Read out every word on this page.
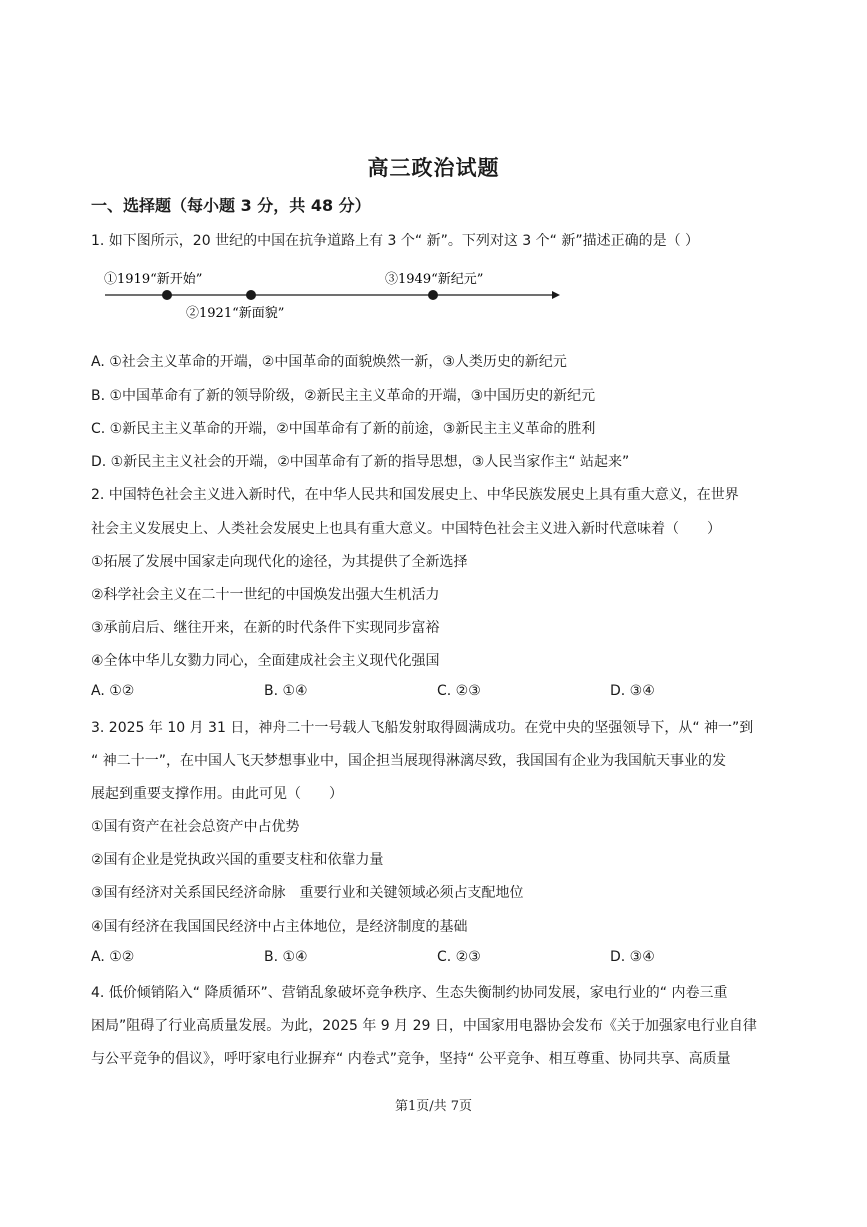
高三政治试题
一、选择题（每小题 3 分，共 48 分）
1. 如下图所示，20 世纪的中国在抗争道路上有 3 个“ 新”。下列对这 3 个“ 新”描述正确的是（ ）
①1919“新开始”
②1921“新面貌”
③1949“新纪元”
A. ①社会主义革命的开端，②中国革命的面貌焕然一新，③人类历史的新纪元
B. ①中国革命有了新的领导阶级，②新民主主义革命的开端，③中国历史的新纪元
C. ①新民主主义革命的开端，②中国革命有了新的前途，③新民主主义革命的胜利
D. ①新民主主义社会的开端，②中国革命有了新的指导思想，③人民当家作主“ 站起来”
2. 中国特色社会主义进入新时代，在中华人民共和国发展史上、中华民族发展史上具有重大意义，在世界
社会主义发展史上、人类社会发展史上也具有重大意义。中国特色社会主义进入新时代意味着（　　）
①拓展了发展中国家走向现代化的途径，为其提供了全新选择
②科学社会主义在二十一世纪的中国焕发出强大生机活力
③承前启后、继往开来，在新的时代条件下实现同步富裕
④全体中华儿女勠力同心，全面建成社会主义现代化强国
A. ①②	B. ①④	C. ②③	D. ③④
3. 2025 年 10 月 31 日，神舟二十一号载人飞船发射取得圆满成功。在党中央的坚强领导下，从“ 神一”到
“ 神二十一”，在中国人飞天梦想事业中，国企担当展现得淋漓尽致，我国国有企业为我国航天事业的发
展起到重要支撑作用。由此可见（　　）
①国有资产在社会总资产中占优势
②国有企业是党执政兴国的重要支柱和依靠力量
③国有经济对关系国民经济命脉　重要行业和关键领域必须占支配地位
④国有经济在我国国民经济中占主体地位，是经济制度的基础
A. ①②	B. ①④	C. ②③	D. ③④
4. 低价倾销陷入“ 降质循环”、营销乱象破坏竞争秩序、生态失衡制约协同发展，家电行业的“ 内卷三重
困局”阻碍了行业高质量发展。为此，2025 年 9 月 29 日，中国家用电器协会发布《关于加强家电行业自律
与公平竞争的倡议》，呼吁家电行业摒弃“ 内卷式”竞争，坚持“ 公平竞争、相互尊重、协同共享、高质量
第1页/共 7页
